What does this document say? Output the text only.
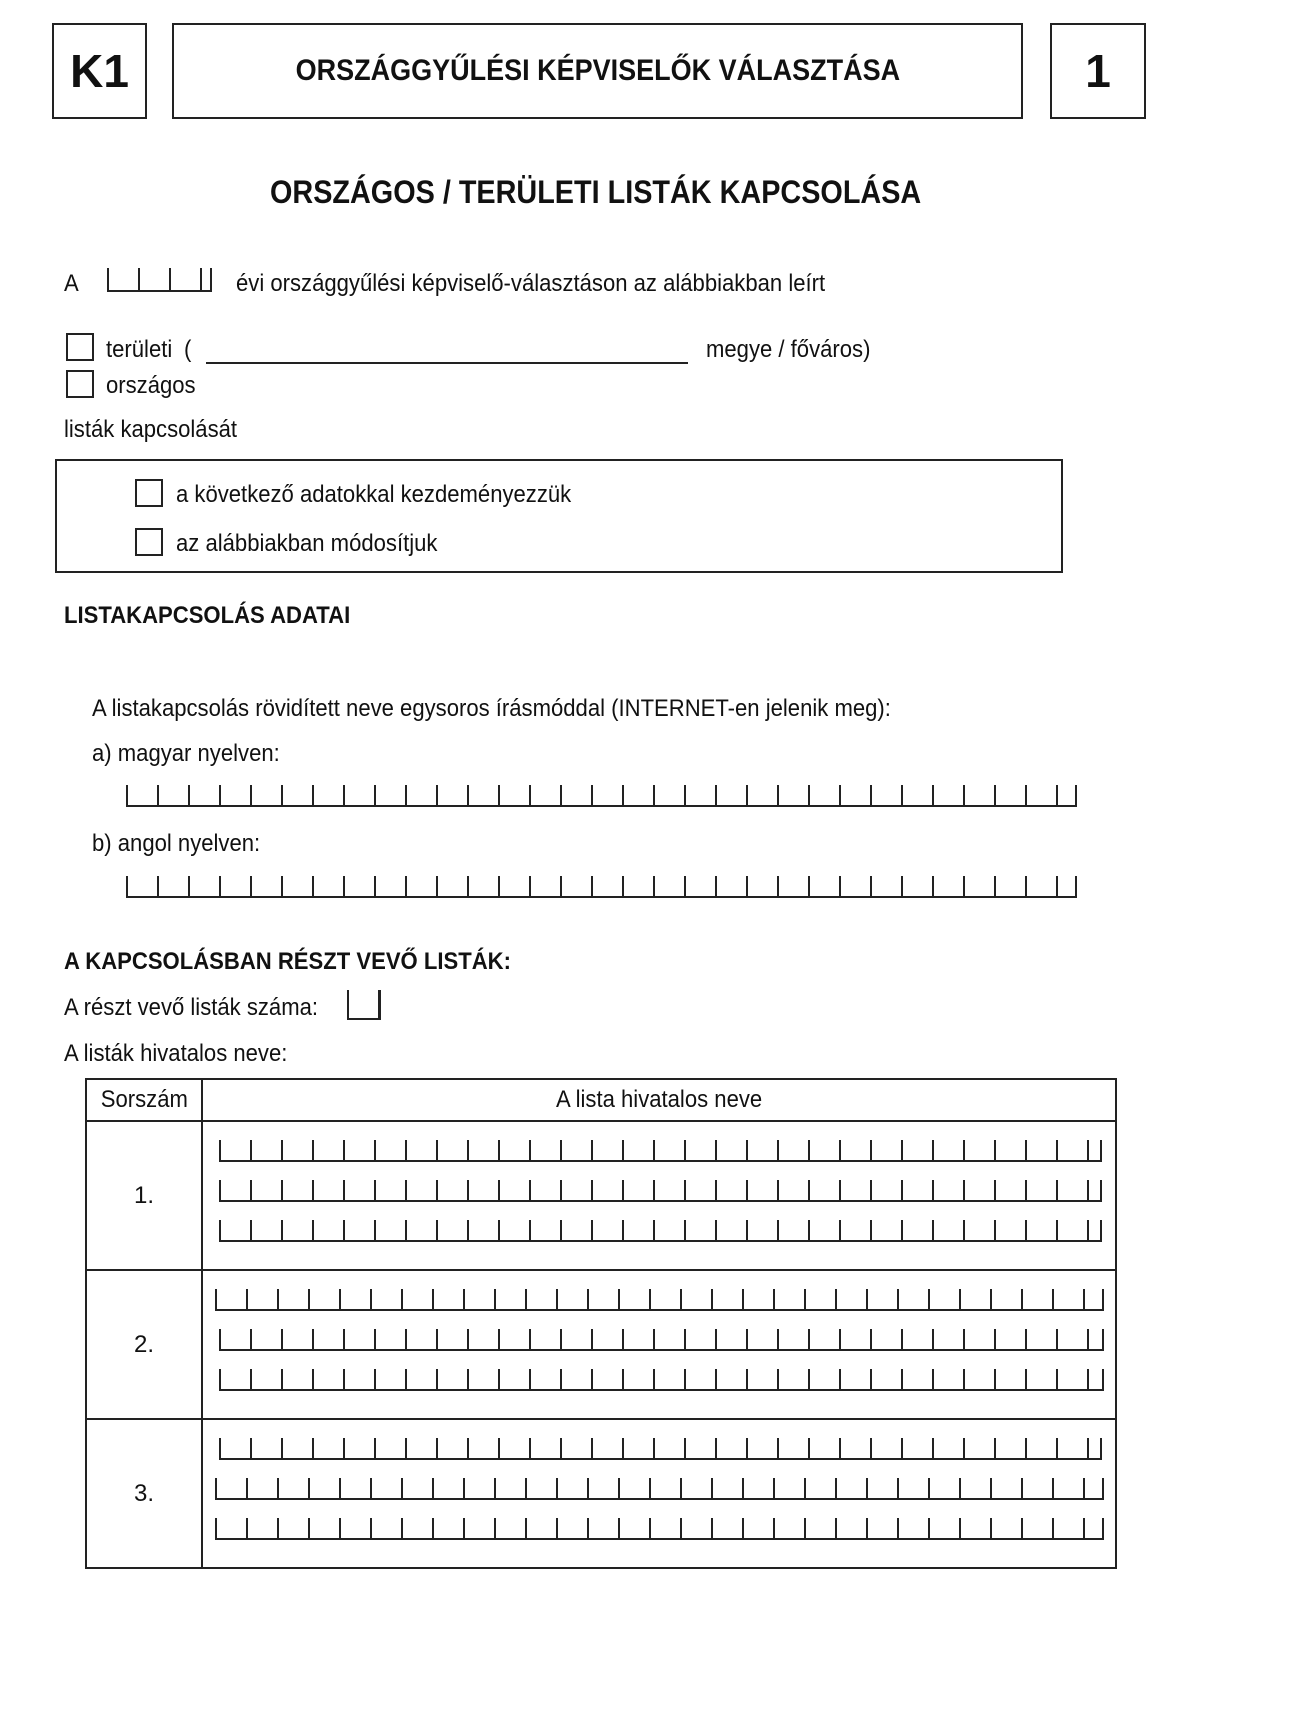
K1	ORSZÁGGYŰLÉSI KÉPVISELŐK VÁLASZTÁSA	1
ORSZÁGOS / TERÜLETI LISTÁK KAPCSOLÁSA
A	évi országgyűlési képviselő-választáson az alábbiakban leírt
területi (	megye / főváros)
országos
listák kapcsolását
a következő adatokkal kezdeményezzük
az alábbiakban módosítjuk
LISTAKAPCSOLÁS ADATAI
A listakapcsolás rövidített neve egysoros írásmóddal (INTERNET-en jelenik meg):
a) magyar nyelven:
b) angol nyelven:
A KAPCSOLÁSBAN RÉSZT VEVŐ LISTÁK:
A részt vevő listák száma:
A listák hivatalos neve:
Sorszám	A lista hivatalos neve
1.	

2.	

3.	
